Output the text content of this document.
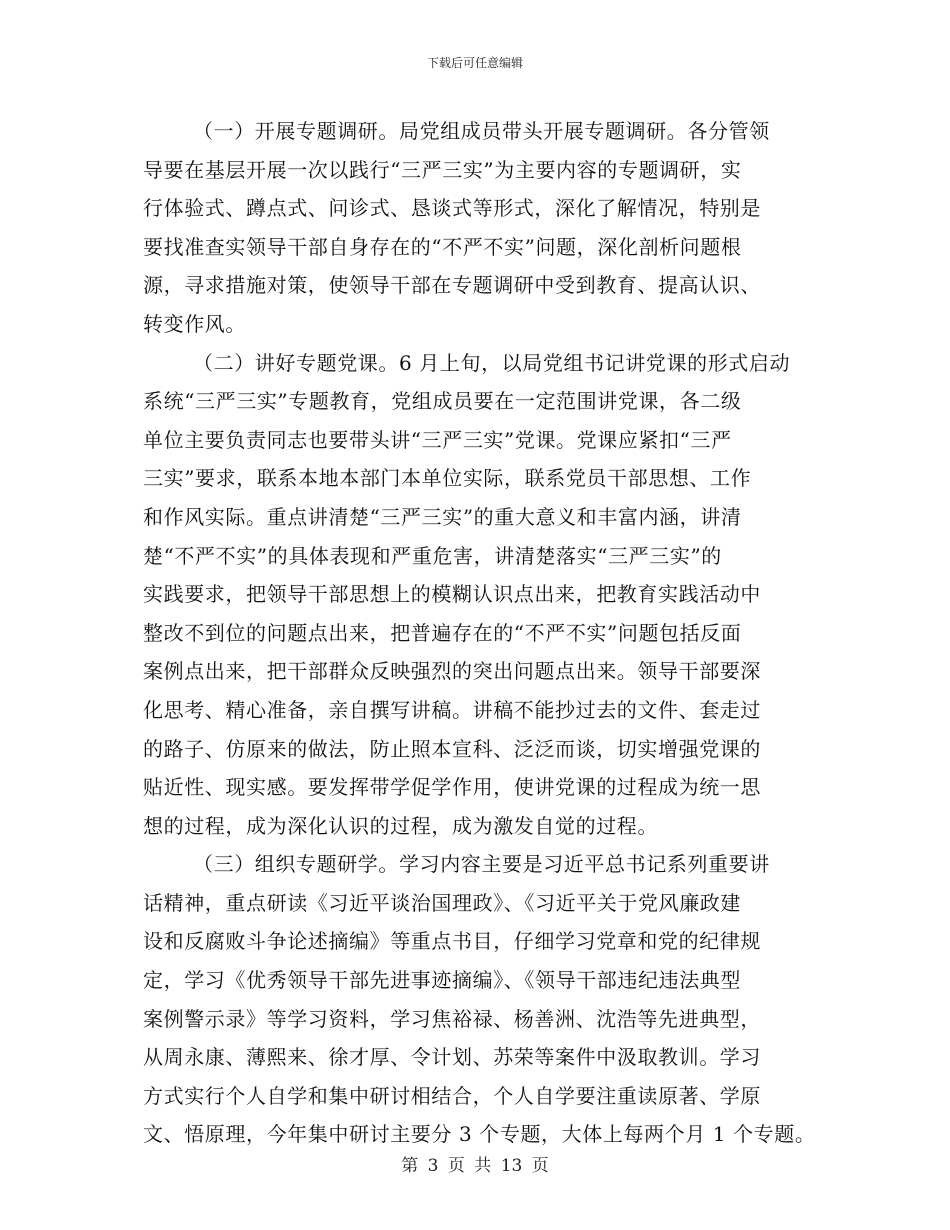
下载后可任意编辑
（一）开展专题调研。局党组成员带头开展专题调研。各分管领
导要在基层开展一次以践行“三严三实”为主要内容的专题调研，实
行体验式、蹲点式、问诊式、恳谈式等形式，深化了解情况，特别是
要找准查实领导干部自身存在的“不严不实”问题，深化剖析问题根
源，寻求措施对策，使领导干部在专题调研中受到教育、提高认识、
转变作风。
（二）讲好专题党课。6 月上旬，以局党组书记讲党课的形式启动
系统“三严三实”专题教育，党组成员要在一定范围讲党课，各二级
单位主要负责同志也要带头讲“三严三实”党课。党课应紧扣“三严
三实”要求，联系本地本部门本单位实际，联系党员干部思想、工作
和作风实际。重点讲清楚“三严三实”的重大意义和丰富内涵，讲清
楚“不严不实”的具体表现和严重危害，讲清楚落实“三严三实”的
实践要求，把领导干部思想上的模糊认识点出来，把教育实践活动中
整改不到位的问题点出来，把普遍存在的“不严不实”问题包括反面
案例点出来，把干部群众反映强烈的突出问题点出来。领导干部要深
化思考、精心准备，亲自撰写讲稿。讲稿不能抄过去的文件、套走过
的路子、仿原来的做法，防止照本宣科、泛泛而谈，切实增强党课的
贴近性、现实感。要发挥带学促学作用，使讲党课的过程成为统一思
想的过程，成为深化认识的过程，成为激发自觉的过程。
（三）组织专题研学。学习内容主要是习近平总书记系列重要讲
话精神，重点研读《习近平谈治国理政》、《习近平关于党风廉政建
设和反腐败斗争论述摘编》等重点书目，仔细学习党章和党的纪律规
定，学习《优秀领导干部先进事迹摘编》、《领导干部违纪违法典型
案例警示录》等学习资料，学习焦裕禄、杨善洲、沈浩等先进典型，
从周永康、薄熙来、徐才厚、令计划、苏荣等案件中汲取教训。学习
方式实行个人自学和集中研讨相结合，个人自学要注重读原著、学原
文、悟原理，今年集中研讨主要分 3 个专题，大体上每两个月 1 个专题。
第 3 页 共 13 页
